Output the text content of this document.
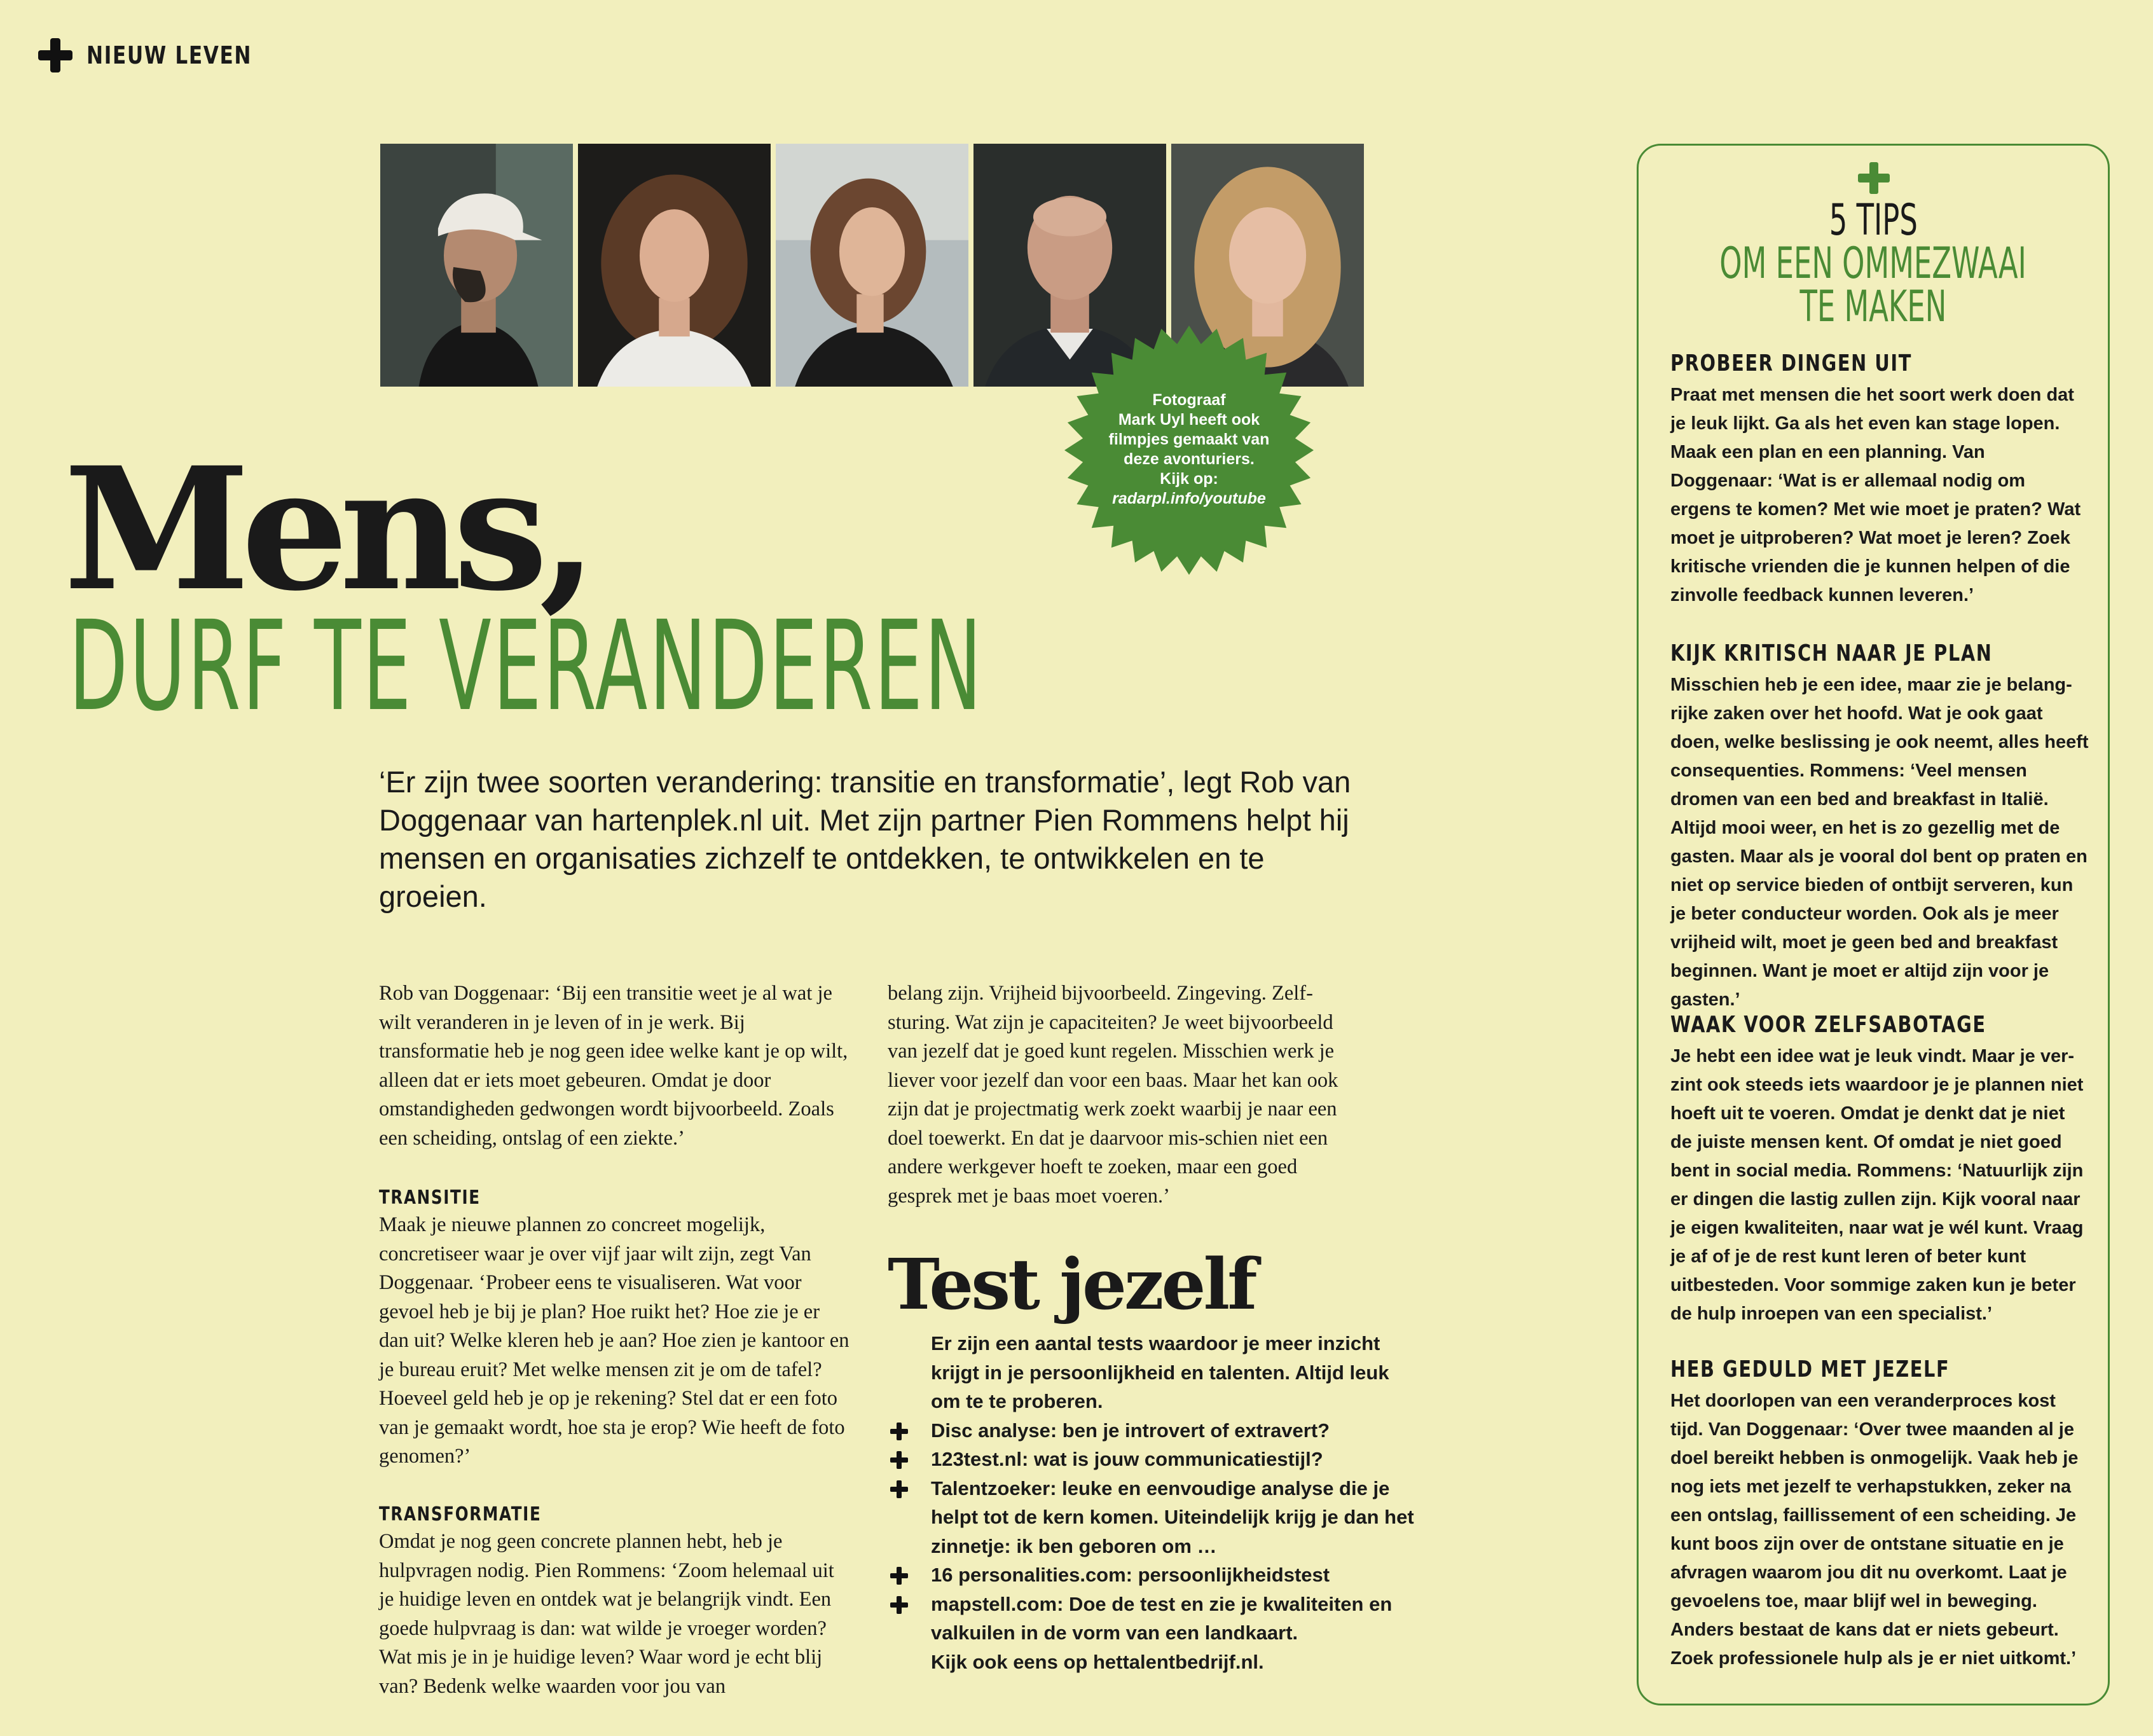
NIEUW LEVEN
Fotograaf
Mark Uyl heeft ook
filmpjes gemaakt van
deze avonturiers.
Kijk op:
radarpl.info/youtube
Mens,
DURF TE VERANDEREN
‘Er zijn twee soorten verandering: transitie en transformatie’, legt Rob van Doggenaar van hartenplek.nl uit. Met zijn partner Pien Rommens helpt hij mensen en organisaties zichzelf te ontdekken, te ontwikkelen en te groeien.

Rob van Doggenaar: ‘Bij een transitie weet je al wat je wilt veranderen in je leven of in je werk. Bij transformatie heb je nog geen idee welke kant je op wilt, alleen dat er iets moet gebeuren. Omdat je door omstandigheden gedwongen wordt bijvoorbeeld. Zoals een scheiding, ontslag of een ziekte.’

TRANSITIE

Maak je nieuwe plannen zo concreet mogelijk, concretiseer waar je over vijf jaar wilt zijn, zegt Van Doggenaar. ‘Probeer eens te visualiseren. Wat voor gevoel heb je bij je plan? Hoe ruikt het? Hoe zie je er dan uit? Welke kleren heb je aan? Hoe zien je kantoor en je bureau eruit? Met welke mensen zit je om de tafel? Hoeveel geld heb je op je rekening? Stel dat er een foto van je gemaakt wordt, hoe sta je erop? Wie heeft de foto genomen?’

TRANSFORMATIE

Omdat je nog geen concrete plannen hebt, heb je hulpvragen nodig. Pien Rommens: ‘Zoom helemaal uit je huidige leven en ontdek wat je belangrijk vindt. Een goede hulpvraag is dan: wat wilde je vroeger worden? Wat mis je in je huidige leven? Waar word je echt blij van? Bedenk welke waarden voor jou van

belang zijn. Vrijheid bijvoorbeeld. Zingeving. Zelf-sturing. Wat zijn je capaciteiten? Je weet bijvoorbeeld van jezelf dat je goed kunt regelen. Misschien werk je liever voor jezelf dan voor een baas. Maar het kan ook zijn dat je projectmatig werk zoekt waarbij je naar een doel toewerkt. En dat je daarvoor mis-schien niet een andere werkgever hoeft te zoeken, maar een goed gesprek met je baas moet voeren.’

Test jezelf
Er zijn een aantal tests waardoor je meer inzicht krijgt in je persoonlijkheid en talenten. Altijd leuk om te te proberen.
Disc analyse: ben je introvert of extravert?
123test.nl: wat is jouw communicatiestijl?
Talentzoeker: leuke en eenvoudige analyse die je helpt tot de kern komen. Uiteindelijk krijg je dan het zinnetje: ik ben geboren om …
16 personalities.com: persoonlijkheidstest
mapstell.com: Doe de test en zie je kwaliteiten en valkuilen in de vorm van een landkaart.
Kijk ook eens op hettalentbedrijf.nl.
5 TIPS
OM EEN OMMEZWAAI
TE MAKEN
PROBEER DINGEN UIT

Praat met mensen die het soort werk doen dat je leuk lijkt. Ga als het even kan stage lopen. Maak een plan en een planning. Van Doggenaar: ‘Wat is er allemaal nodig om ergens te komen? Met wie moet je praten? Wat moet je uitproberen? Wat moet je leren? Zoek kritische vrienden die je kunnen helpen of die zinvolle feedback kunnen leveren.’

KIJK KRITISCH NAAR JE PLAN

Misschien heb je een idee, maar zie je belang-rijke zaken over het hoofd. Wat je ook gaat doen, welke beslissing je ook neemt, alles heeft consequenties. Rommens: ‘Veel mensen dromen van een bed and breakfast in Italië. Altijd mooi weer, en het is zo gezellig met de gasten. Maar als je vooral dol bent op praten en niet op service bieden of ontbijt serveren, kun je beter conducteur worden. Ook als je meer vrijheid wilt, moet je geen bed and breakfast beginnen. Want je moet er altijd zijn voor je gasten.’

WAAK VOOR ZELFSABOTAGE

Je hebt een idee wat je leuk vindt. Maar je ver-zint ook steeds iets waardoor je je plannen niet hoeft uit te voeren. Omdat je denkt dat je niet de juiste mensen kent. Of omdat je niet goed bent in social media. Rommens: ‘Natuurlijk zijn er dingen die lastig zullen zijn. Kijk vooral naar je eigen kwaliteiten, naar wat je wél kunt. Vraag je af of je de rest kunt leren of beter kunt uitbesteden. Voor sommige zaken kun je beter de hulp inroepen van een specialist.’

HEB GEDULD MET JEZELF

Het doorlopen van een veranderproces kost tijd. Van Doggenaar: ‘Over twee maanden al je doel bereikt hebben is onmogelijk. Vaak heb je nog iets met jezelf te verhapstukken, zeker na een ontslag, faillissement of een scheiding. Je kunt boos zijn over de ontstane situatie en je afvragen waarom jou dit nu overkomt. Laat je gevoelens toe, maar blijf wel in beweging. Anders bestaat de kans dat er niets gebeurt. Zoek professionele hulp als je er niet uitkomt.’
